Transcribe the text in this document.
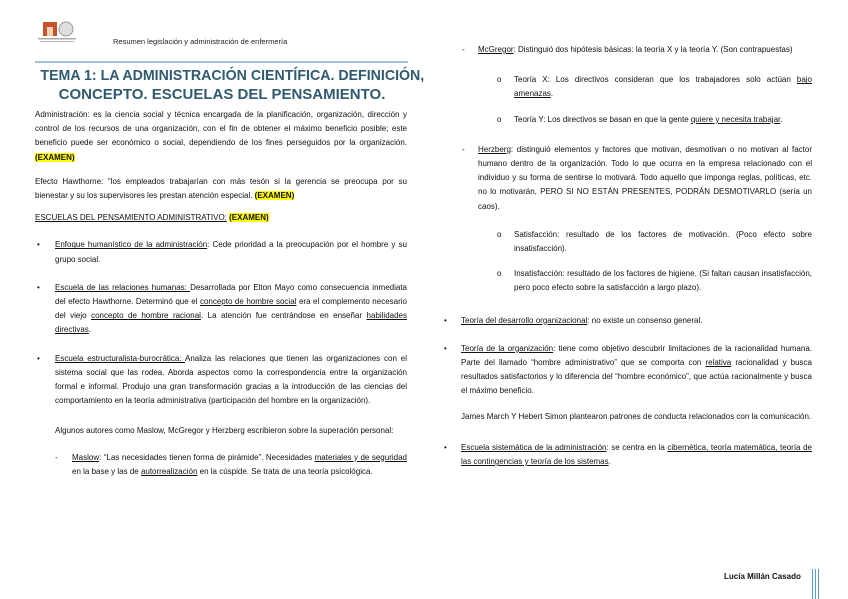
Resumen legislación y administración de enfermería
TEMA 1: LA ADMINISTRACIÓN CIENTÍFICA. DEFINICIÓN,
CONCEPTO. ESCUELAS DEL PENSAMIENTO.
Administración: es la ciencia social y técnica encargada de la planificación, organización, dirección y control de los recursos de una organización, con el fin de obtener el máximo beneficio posible; este beneficio puede ser económico o social, dependiendo de los fines perseguidos por la organización. (EXAMEN)
Efecto Hawthorne: “los empleados trabajarían con más tesón si la gerencia se preocupa por su bienestar y su los supervisores les prestan atención especial. (EXAMEN)
ESCUELAS DEL PENSAMIENTO ADMINISTRATIVO: (EXAMEN)
•	Enfoque humanístico de la administración: Cede prioridad a la preocupación por el hombre y su grupo social.
•	Escuela de las relaciones humanas: Desarrollada por Elton Mayo como consecuencia inmediata del efecto Hawthorne. Determinó que el concepto de hombre social era el complemento necesario del viejo concepto de hombre racional. La atención fue centrándose en enseñar habilidades directivas.
•	Escuela estructuralista-burocrática: Analiza las relaciones que tienen las organizaciones con el sistema social que las rodea. Aborda aspectos como la correspondencia entre la organización formal e informal. Produjo una gran transformación gracias a la introducción de las ciencias del comportamiento en la teoría administrativa (participación del hombre en la organización).
Algunos autores como Maslow, McGregor y Herzberg escribieron sobre la superación personal:
-	Maslow: “Las necesidades tienen forma de pirámide”. Necesidades materiales y de seguridad en la base y las de autorrealización en la cúspide. Se trata de una teoría psicológica.
-	McGregor: Distinguió dos hipótesis básicas: la teoría X y la teoría Y. (Son contrapuestas)
o	Teoría X: Los directivos consideran que los trabajadores solo actúan bajo amenazas.
o	Teoría Y: Los directivos se basan en que la gente quiere y necesita trabajar.
-	Herzberg: distinguió elementos y factores que motivan, desmotivan o no motivan al factor humano dentro de la organización. Todo lo que ocurra en la empresa relacionado con el individuo y su forma de sentirse lo motivará. Todo aquello que imponga reglas, políticas, etc. no lo motivarán, PERO SI NO ESTÁN PRESENTES, PODRÁN DESMOTIVARLO (sería un caos).
o	Satisfacción: resultado de los factores de motivación. (Poco efecto sobre insatisfacción).
o	Insatisfacción: resultado de los factores de higiene. (Si faltan causan insatisfacción, pero poco efecto sobre la satisfacción a largo plazo).
•	Teoría del desarrollo organizacional: no existe un consenso general.
•	Teoría de la organización: tiene como objetivo descubrir limitaciones de la racionalidad humana. Parte del llamado “hombre administrativo” que se comporta con relativa racionalidad y busca resultados satisfactorios y lo diferencia del “hombre económico”, que actúa racionalmente y busca el máximo beneficio.
James March Y Hebert Simon plantearon patrones de conducta relacionados con la comunicación.
•	Escuela sistemática de la administración: se centra en la cibernética, teoría matemática, teoría de las contingencias y teoría de los sistemas.
Lucía Millán Casado
